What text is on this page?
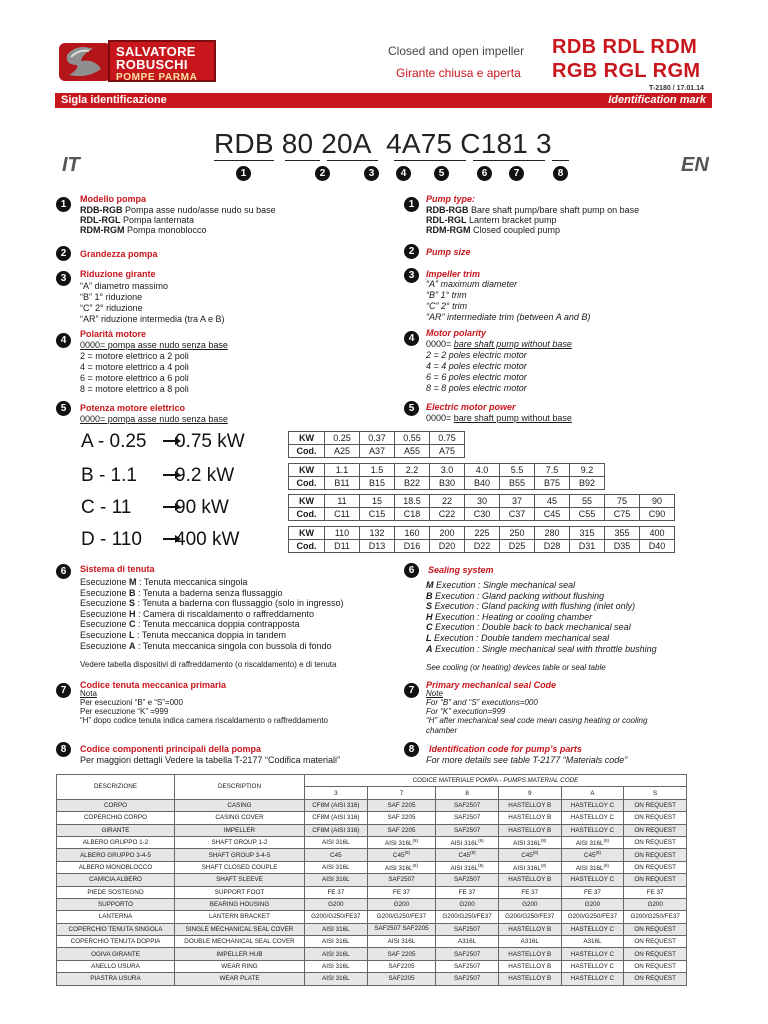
SALVATORE
ROBUSCHI
POMPE PARMA
Closed and open impeller
Girante chiusa e aperta
RDB RDL RDM
RGB RGL RGM
T-2180 / 17.01.14
Sigla identificazione	Identification mark
IT	EN
RDB 80 20A 4A75 C181 3
1	2	3	4	5	6	7	8
1	Modello pompa
RDB-RGB Pompa asse nudo/asse nudo su base
RDL-RGL Pompa lanternata
RDM-RGM Pompa monoblocco
2	Grandezza pompa
3	Riduzione girante
“A” diametro massimo
“B” 1° riduzione
“C” 2° riduzione
“AR” riduzione intermedia (tra A e B)
4
Polarità motore
0000= pompa asse nudo senza base
2 = motore elettrico a 2 poli
4 = motore elettrico a 4 poli
6 = motore elettrico a 6 poli
8 = motore elettrico a 8 poli
5	Potenza motore elettrico
0000= pompa asse nudo senza base
1	Pump type:
RDB-RGB Bare shaft pump/bare shaft pump on base
RDL-RGL Lantern bracket pump
RDM-RGM Closed coupled pump
2	Pump size
3	Impeller trim
“A” maximum diameter
“B” 1° trim
“C” 2° trim
“AR” intermediate trim (between A and B)
4	Motor polarity
0000= bare shaft pump without base
2 = 2 poles electric motor
4 = 4 poles electric motor
6 = 6 poles electric motor
8 = 8 poles electric motor
5	Electric motor power
0000= bare shaft pump without base
A - 0.25 0.75 kW
B - 1.1 9.2 kW
C - 11 90 kW
D - 110 400 kW
KW	0.25	0.37	0.55	0.75
Cod.	A25	A37	A55	A75
KW	1.1	1.5	2.2	3.0	4.0	5.5	7.5	9.2
Cod.	B11	B15	B22	B30	B40	B55	B75	B92
KW	11	15	18.5	22	30	37	45	55	75	90
Cod.	C11	C15	C18	C22	C30	C37	C45	C55	C75	C90
KW	110	132	160	200	225	250	280	315	355	400
Cod.	D11	D13	D16	D20	D22	D25	D28	D31	D35	D40
6	Sistema di tenuta
Esecuzione M : Tenuta meccanica singola
Esecuzione B : Tenuta a baderna senza flussaggio
Esecuzione S : Tenuta a baderna con flussaggio (solo in ingresso)
Esecuzione H : Camera di riscaldamento o raffreddamento
Esecuzione C : Tenuta meccanica doppia contrapposta
Esecuzione L : Tenuta meccanica doppia in tandem
Esecuzione A : Tenuta meccanica singola con bussola di fondo
Vedere tabella dispositivi di raffreddamento (o riscaldamento) e di tenuta
6	Sealing system
M Execution : Single mechanical seal
B Execution : Gland packing without flushing
S Execution : Gland packing with flushing (inlet only)
H Execution : Heating or cooling chamber
C Execution : Double back to back mechanical seal
L Execution : Double tandem mechanical seal
A Execution : Single mechanical seal with throttle bushing
See cooling (or heating) devices table or seal table
7	Codice tenuta meccanica primaria
Nota
Per esecuzioni “B” e “S”=000
Per esecuzione “K” =999
“H” dopo codice tenuta indica camera riscaldamento o raffreddamento
7	Primary mechanical seal Code
Note
For “B” and “S” executions=000
For “K” execution=999
“H” after mechanical seal code mean casing heating or cooling
chamber
8	Codice componenti principali della pompa
Per maggiori dettagli Vedere la tabella T-2177 “Codifica materiali”
8	Identification code for pump’s parts
For more details see table T-2177 “Materials code”
DESCRIZIONE	DESCRIPTION	CODICE MATERIALE POMPA - PUMPS MATERIAL CODE					
		3	7	8	9	A	S
CORPO	CASING	CF8M (AISI 316)	SAF 2205	SAF2507	HASTELLOY B	HASTELLOY C	ON REQUEST
COPERCHIO CORPO	CASING COVER	CF8M (AISI 316)	SAF 2205	SAF2507	HASTELLOY B	HASTELLOY C	ON REQUEST
GIRANTE	IMPELLER	CF8M (AISI 316)	SAF 2205	SAF2507	HASTELLOY B	HASTELLOY C	ON REQUEST
ALBERO GRUPPO 1-2	SHAFT GROUP 1-2	AISI 316L	AISI $316L^{(8)}$	AISI $316L^{(8)}$	AISI $316L^{(8)}$	AISI $316L^{(8)}$	ON REQUEST
ALBERO GRUPPO 3-4-5	SHAFT GROUP 3-4-5	C45	C45$^{(8)}$	C45$^{(8)}$	C45$^{(8)}$	C45$^{(8)}$	ON REQUEST
ALBERO MONOBLOCCO	SHAFT CLOSED COUPLE	AISI 316L	AISI $316L^{(8)}$	AISI $316L^{(8)}$	AISI $316L^{(8)}$	AISI $316L^{(8)}$	ON REQUEST
CAMICIA ALBERO	SHAFT SLEEVE	AISI 316L	SAF2507	SAF2507	HASTELLOY B	HASTELLOY C	ON REQUEST
PIEDE SOSTEGNO	SUPPORT FOOT	FE 37	FE 37	FE 37	FE 37	FE 37	FE 37
SUPPORTO	BEARING HOUSING	G200	G200	G200	G200	G200	G200
LANTERNA	LANTERN BRACKET	G200/G250/FE37	G200/G250/FE37	G200/G250/FE37	G200/G250/FE37	G200/G250/FE37	G200/G250/FE37
COPERCHIO TENUTA SINGOLA	SINGLE MECHANICAL SEAL COVER	AISI 316L	SAF2507 SAF2205	SAF2507	HASTELLOY B	HASTELLOY C	ON REQUEST
COPERCHIO TENUTA DOPPIA	DOUBLE MECHANICAL SEAL COVER	AISI 316L	AISI 316L	A316L	A316L	A316L	ON REQUEST
OGIVA GIRANTE	IMPELLER HUB	AISI 316L	SAF 2205	SAF2507	HASTELLOY B	HASTELLOY C	ON REQUEST
ANELLO USURA	WEAR RING	AISI 316L	SAF2205	SAF2507	HASTELLOY B	HASTELLOY C	ON REQUEST
PIASTRA USURA	WEAR PLATE	AISI 316L	SAF2205	SAF2507	HASTELLOY B	HASTELLOY C	ON REQUEST
